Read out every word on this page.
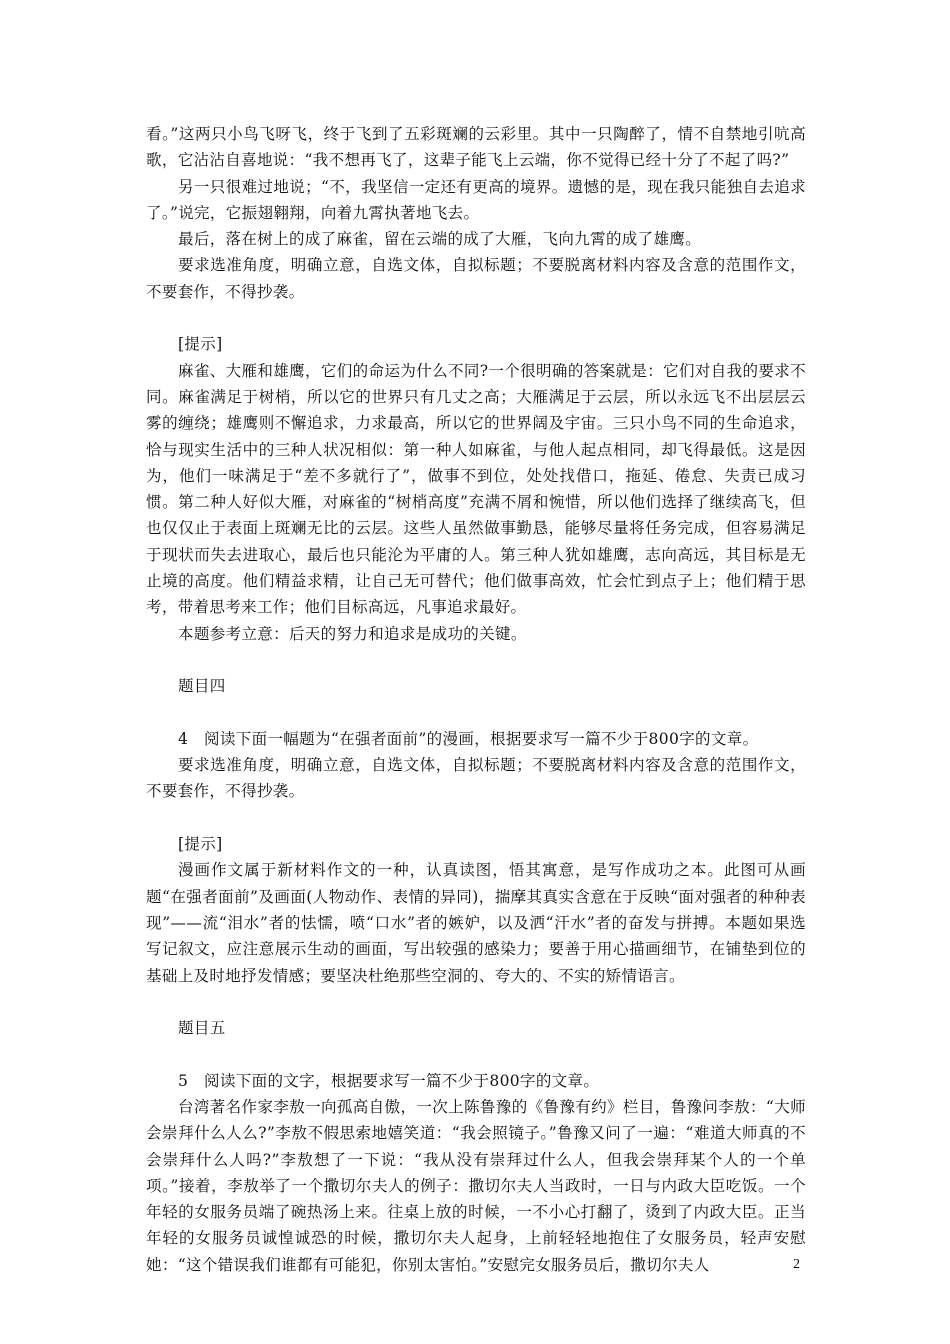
看。”这两只小鸟飞呀飞，终于飞到了五彩斑斓的云彩里。其中一只陶醉了，情不自禁地引吭高歌，它沾沾自喜地说：“我不想再飞了，这辈子能飞上云端，你不觉得已经十分了不起了吗?”

另一只很难过地说；“不，我坚信一定还有更高的境界。遗憾的是，现在我只能独自去追求了。”说完，它振翅翱翔，向着九霄执著地飞去。

最后，落在树上的成了麻雀，留在云端的成了大雁，飞向九霄的成了雄鹰。

要求选准角度，明确立意，自选文体，自拟标题；不要脱离材料内容及含意的范围作文，不要套作，不得抄袭。

[提示]

麻雀、大雁和雄鹰，它们的命运为什么不同?一个很明确的答案就是：它们对自我的要求不同。麻雀满足于树梢，所以它的世界只有几丈之高；大雁满足于云层，所以永远飞不出层层云雾的缠绕；雄鹰则不懈追求，力求最高，所以它的世界阔及宇宙。三只小鸟不同的生命追求，恰与现实生活中的三种人状况相似：第一种人如麻雀，与他人起点相同，却飞得最低。这是因为，他们一味满足于“差不多就行了”，做事不到位，处处找借口，拖延、倦怠、失责已成习惯。第二种人好似大雁，对麻雀的“树梢高度”充满不屑和惋惜，所以他们选择了继续高飞，但也仅仅止于表面上斑斓无比的云层。这些人虽然做事勤恳，能够尽量将任务完成，但容易满足于现状而失去进取心，最后也只能沦为平庸的人。第三种人犹如雄鹰，志向高远，其目标是无止境的高度。他们精益求精，让自己无可替代；他们做事高效，忙会忙到点子上；他们精于思考，带着思考来工作；他们目标高远，凡事追求最好。

本题参考立意：后天的努力和追求是成功的关键。

题目四

4　阅读下面一幅题为“在强者面前”的漫画，根据要求写一篇不少于800字的文章。

要求选准角度，明确立意，自选文体，自拟标题；不要脱离材料内容及含意的范围作文，不要套作，不得抄袭。

[提示]

漫画作文属于新材料作文的一种，认真读图，悟其寓意，是写作成功之本。此图可从画题“在强者面前”及画面(人物动作、表情的异同)，揣摩其真实含意在于反映“面对强者的种种表现”——流“泪水”者的怯懦，喷“口水”者的嫉妒，以及洒“汗水”者的奋发与拼搏。本题如果选写记叙文，应注意展示生动的画面，写出较强的感染力；要善于用心描画细节，在铺垫到位的基础上及时地抒发情感；要坚决杜绝那些空洞的、夸大的、不实的矫情语言。

题目五

5　阅读下面的文字，根据要求写一篇不少于800字的文章。

台湾著名作家李敖一向孤高自傲，一次上陈鲁豫的《鲁豫有约》栏目，鲁豫问李敖：“大师会崇拜什么人么?”李敖不假思索地嬉笑道：“我会照镜子。”鲁豫又问了一遍：“难道大师真的不会崇拜什么人吗?”李敖想了一下说：“我从没有崇拜过什么人，但我会崇拜某个人的一个单项。”接着，李敖举了一个撒切尔夫人的例子：撒切尔夫人当政时，一日与内政大臣吃饭。一个年轻的女服务员端了碗热汤上来。往桌上放的时候，一不小心打翻了，烫到了内政大臣。正当年轻的女服务员诚惶诚恐的时候，撒切尔夫人起身，上前轻轻地抱住了女服务员，轻声安慰她：“这个错误我们谁都有可能犯，你别太害怕。”安慰完女服务员后，撒切尔夫人	2
